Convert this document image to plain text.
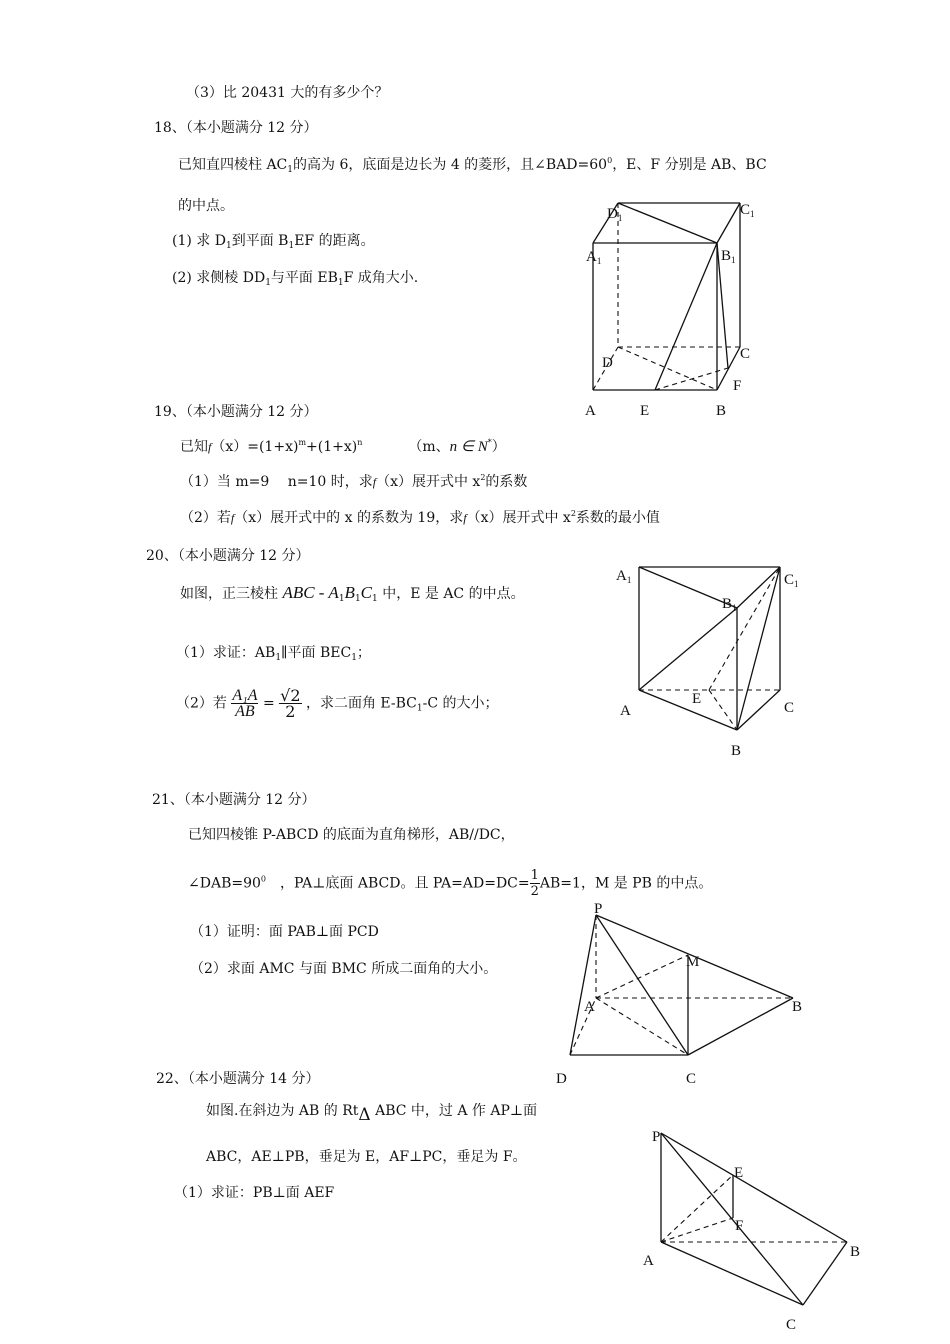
（3）比 20431 大的有多少个？
18、（本小题满分 12 分）
已知直四棱柱 $AC_1$的高为 6，底面是边长为 4 的菱形，且$\angle BAD=60^0$，E、F 分别是 AB、BC
的中点。
(1) 求 $D_1$到平面 $B_1EF$ 的距离。
(2) 求侧棱 $DD_1$与平面 $EB_1F$ 成角大小.
19、（本小题满分 12 分）
已知$f(x)=(1+x)^m+(1+x)^n$	（m、n ∈ N*）
（1）当 m=9　 n=10 时，求f（x）展开式中 $x^2$的系数
（2）若f（x）展开式中的 x 的系数为 19，求f（x）展开式中 $x^2$系数的最小值
20、（本小题满分 12 分）
如图，正三棱柱 ABC - $A_1B_1C_1$ 中，E 是 AC 的中点。
（1）求证：$AB_1\parallel$平面 $BEC_1$；
（2）若 $\frac{\text{A₁A}}{AB} = \frac{√2}{2}$ ，求二面角 $E-BC_1-C$ 的大小；
21、（本小题满分 12 分）
已知四棱锥 P-ABCD 的底面为直角梯形，AB//DC，
$\angle DAB=90^0$ ，PA⊥底面 ABCD。且 $PA=AD=DC= \frac{1}{2} AB=1$，M 是 PB 的中点。
（1）证明：面 PAB⊥面 PCD
（2）求面 AMC 与面 BMC 所成二面角的大小。
22、（本小题满分 14 分）
如图.在斜边为 AB 的 RtΔ ABC 中，过 A 作 AP⊥面
ABC，AE⊥PB，垂足为 E，AF⊥PC，垂足为 F。
（1）求证：PB⊥面 AEF
$D_1$	$C_1$
$A_1$	$B_1$
C
D
F
A	E	B
$A_1$	$C_1$
$B_1$
E
A	C
B
P
M
A	B
D	C
P
E
F
A
B
C
